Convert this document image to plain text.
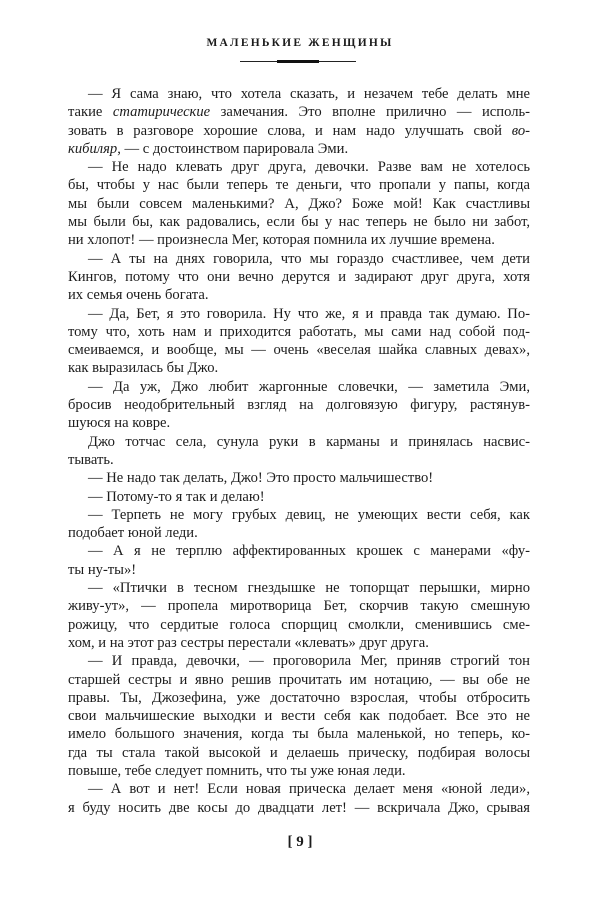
МАЛЕНЬКИЕ ЖЕНЩИНЫ
— Я сама знаю, что хотела сказать, и незачем тебе делать мне
такие статирические замечания. Это вполне прилично — исполь-
зовать в разговоре хорошие слова, и нам надо улучшать свой во-
кибиляр, — с достоинством парировала Эми.
— Не надо клевать друг друга, девочки. Разве вам не хотелось
бы, чтобы у нас были теперь те деньги, что пропали у папы, когда
мы были совсем маленькими? А, Джо? Боже мой! Как счастливы
мы были бы, как радовались, если бы у нас теперь не было ни забот,
ни хлопот! — произнесла Мег, которая помнила их лучшие времена.
— А ты на днях говорила, что мы гораздо счастливее, чем дети
Кингов, потому что они вечно дерутся и задирают друг друга, хотя
их семья очень богата.
— Да, Бет, я это говорила. Ну что же, я и правда так думаю. По-
тому что, хоть нам и приходится работать, мы сами над собой под-
смеиваемся, и вообще, мы — очень «веселая шайка славных девах»,
как выразилась бы Джо.
— Да уж, Джо любит жаргонные словечки, — заметила Эми,
бросив неодобрительный взгляд на долговязую фигуру, растянув-
шуюся на ковре.
Джо тотчас села, сунула руки в карманы и принялась насвис-
тывать.
— Не надо так делать, Джо! Это просто мальчишество!
— Потому-то я так и делаю!
— Терпеть не могу грубых девиц, не умеющих вести себя, как
подобает юной леди.
— А я не терплю аффектированных крошек с манерами «фу-
ты ну-ты»!
— «Птички в тесном гнездышке не топорщат перышки, мирно
живу-ут», — пропела миротворица Бет, скорчив такую смешную
рожицу, что сердитые голоса спорщиц смолкли, сменившись сме-
хом, и на этот раз сестры перестали «клевать» друг друга.
— И правда, девочки, — проговорила Мег, приняв строгий тон
старшей сестры и явно решив прочитать им нотацию, — вы обе не
правы. Ты, Джозефина, уже достаточно взрослая, чтобы отбросить
свои мальчишеские выходки и вести себя как подобает. Все это не
имело большого значения, когда ты была маленькой, но теперь, ко-
гда ты стала такой высокой и делаешь прическу, подбирая волосы
повыше, тебе следует помнить, что ты уже юная леди.
— А вот и нет! Если новая прическа делает меня «юной леди»,
я буду носить две косы до двадцати лет! — вскричала Джо, срывая
[ 9 ]
